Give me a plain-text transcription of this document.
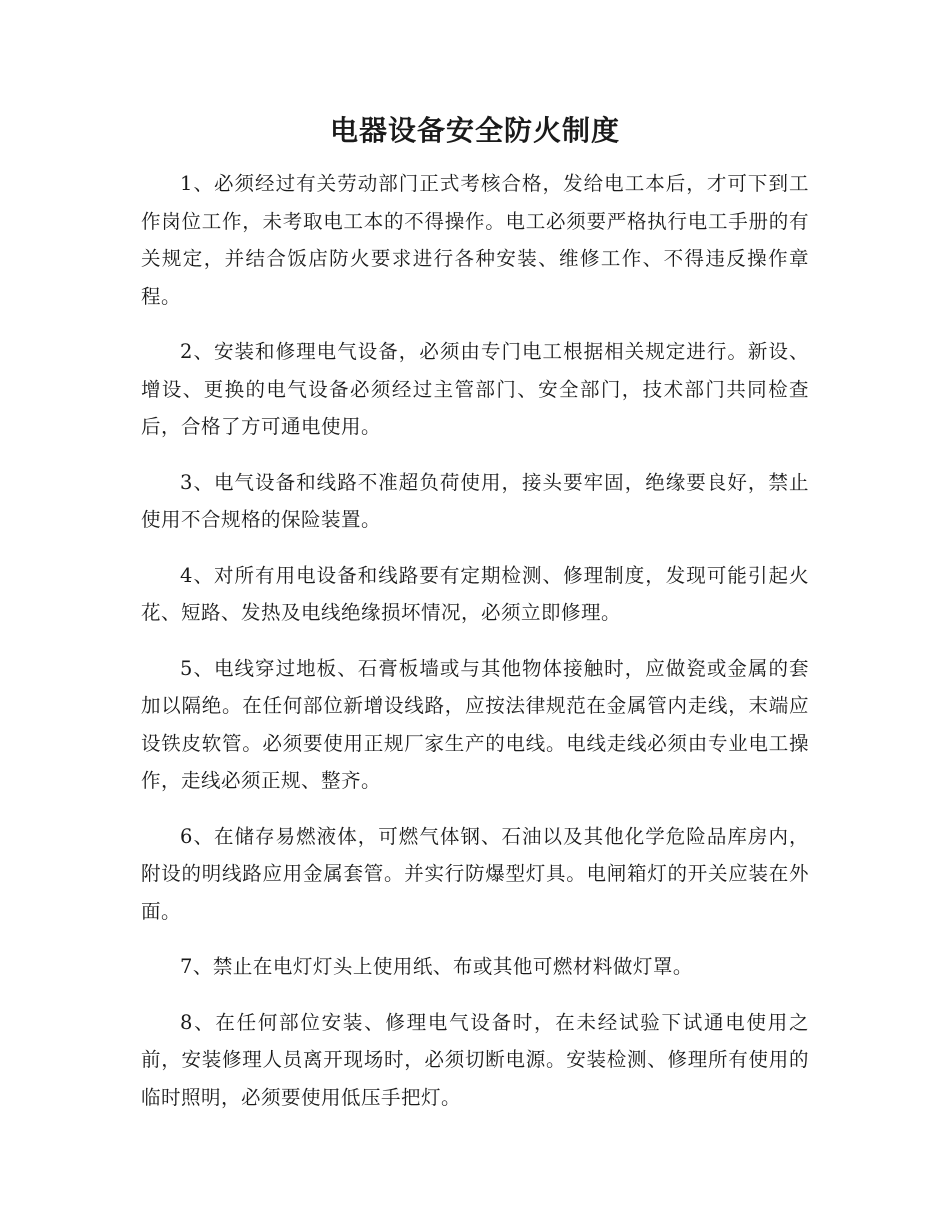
电器设备安全防火制度

1、必须经过有关劳动部门正式考核合格，发给电工本后，才可下到工作岗位工作，未考取电工本的不得操作。电工必须要严格执行电工手册的有关规定，并结合饭店防火要求进行各种安装、维修工作、不得违反操作章程。

2、安装和修理电气设备，必须由专门电工根据相关规定进行。新设、增设、更换的电气设备必须经过主管部门、安全部门，技术部门共同检查后，合格了方可通电使用。

3、电气设备和线路不准超负荷使用，接头要牢固，绝缘要良好，禁止使用不合规格的保险装置。

4、对所有用电设备和线路要有定期检测、修理制度，发现可能引起火花、短路、发热及电线绝缘损坏情况，必须立即修理。

5、电线穿过地板、石膏板墙或与其他物体接触时，应做瓷或金属的套加以隔绝。在任何部位新增设线路，应按法律规范在金属管内走线，末端应设铁皮软管。必须要使用正规厂家生产的电线。电线走线必须由专业电工操作，走线必须正规、整齐。

6、在储存易燃液体，可燃气体钢、石油以及其他化学危险品库房内，附设的明线路应用金属套管。并实行防爆型灯具。电闸箱灯的开关应装在外面。

7、禁止在电灯灯头上使用纸、布或其他可燃材料做灯罩。

8、在任何部位安装、修理电气设备时，在未经试验下试通电使用之前，安装修理人员离开现场时，必须切断电源。安装检测、修理所有使用的临时照明，必须要使用低压手把灯。
